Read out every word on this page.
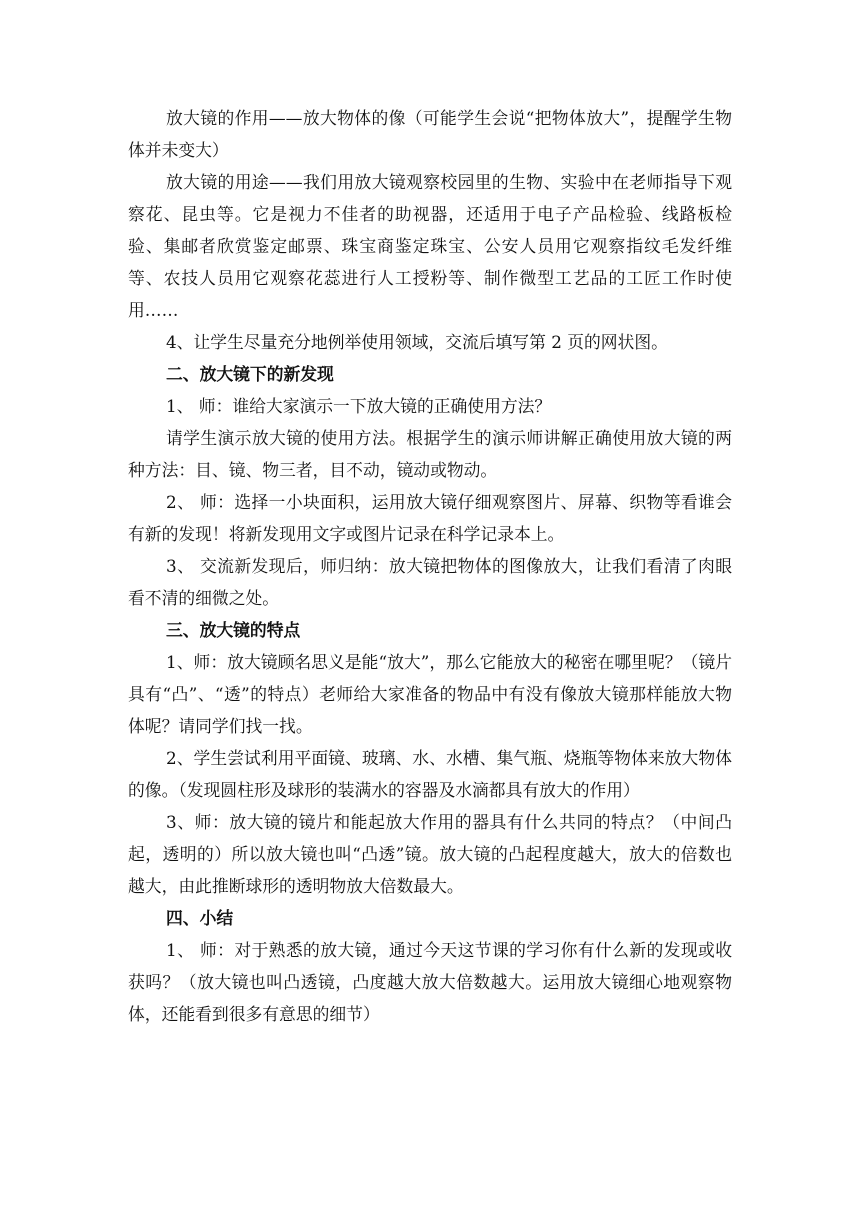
放大镜的作用——放大物体的像（可能学生会说“把物体放大”，提醒学生物体并未变大）

放大镜的用途——我们用放大镜观察校园里的生物、实验中在老师指导下观察花、昆虫等。它是视力不佳者的助视器，还适用于电子产品检验、线路板检验、集邮者欣赏鉴定邮票、珠宝商鉴定珠宝、公安人员用它观察指纹毛发纤维等、农技人员用它观察花蕊进行人工授粉等、制作微型工艺品的工匠工作时使用……

4、让学生尽量充分地例举使用领域，交流后填写第 2 页的网状图。

二、放大镜下的新发现

1、 师：谁给大家演示一下放大镜的正确使用方法？

请学生演示放大镜的使用方法。根据学生的演示师讲解正确使用放大镜的两种方法：目、镜、物三者，目不动，镜动或物动。

2、 师：选择一小块面积，运用放大镜仔细观察图片、屏幕、织物等看谁会有新的发现！将新发现用文字或图片记录在科学记录本上。

3、 交流新发现后，师归纳：放大镜把物体的图像放大，让我们看清了肉眼看不清的细微之处。

三、放大镜的特点

1、师：放大镜顾名思义是能“放大”，那么它能放大的秘密在哪里呢？（镜片具有“凸”、“透”的特点）老师给大家准备的物品中有没有像放大镜那样能放大物体呢？请同学们找一找。

2、学生尝试利用平面镜、玻璃、水、水槽、集气瓶、烧瓶等物体来放大物体的像。（发现圆柱形及球形的装满水的容器及水滴都具有放大的作用）

3、师：放大镜的镜片和能起放大作用的器具有什么共同的特点？（中间凸起，透明的）所以放大镜也叫“凸透”镜。放大镜的凸起程度越大，放大的倍数也越大，由此推断球形的透明物放大倍数最大。

四、小结

1、 师：对于熟悉的放大镜，通过今天这节课的学习你有什么新的发现或收获吗？（放大镜也叫凸透镜，凸度越大放大倍数越大。运用放大镜细心地观察物体，还能看到很多有意思的细节）
